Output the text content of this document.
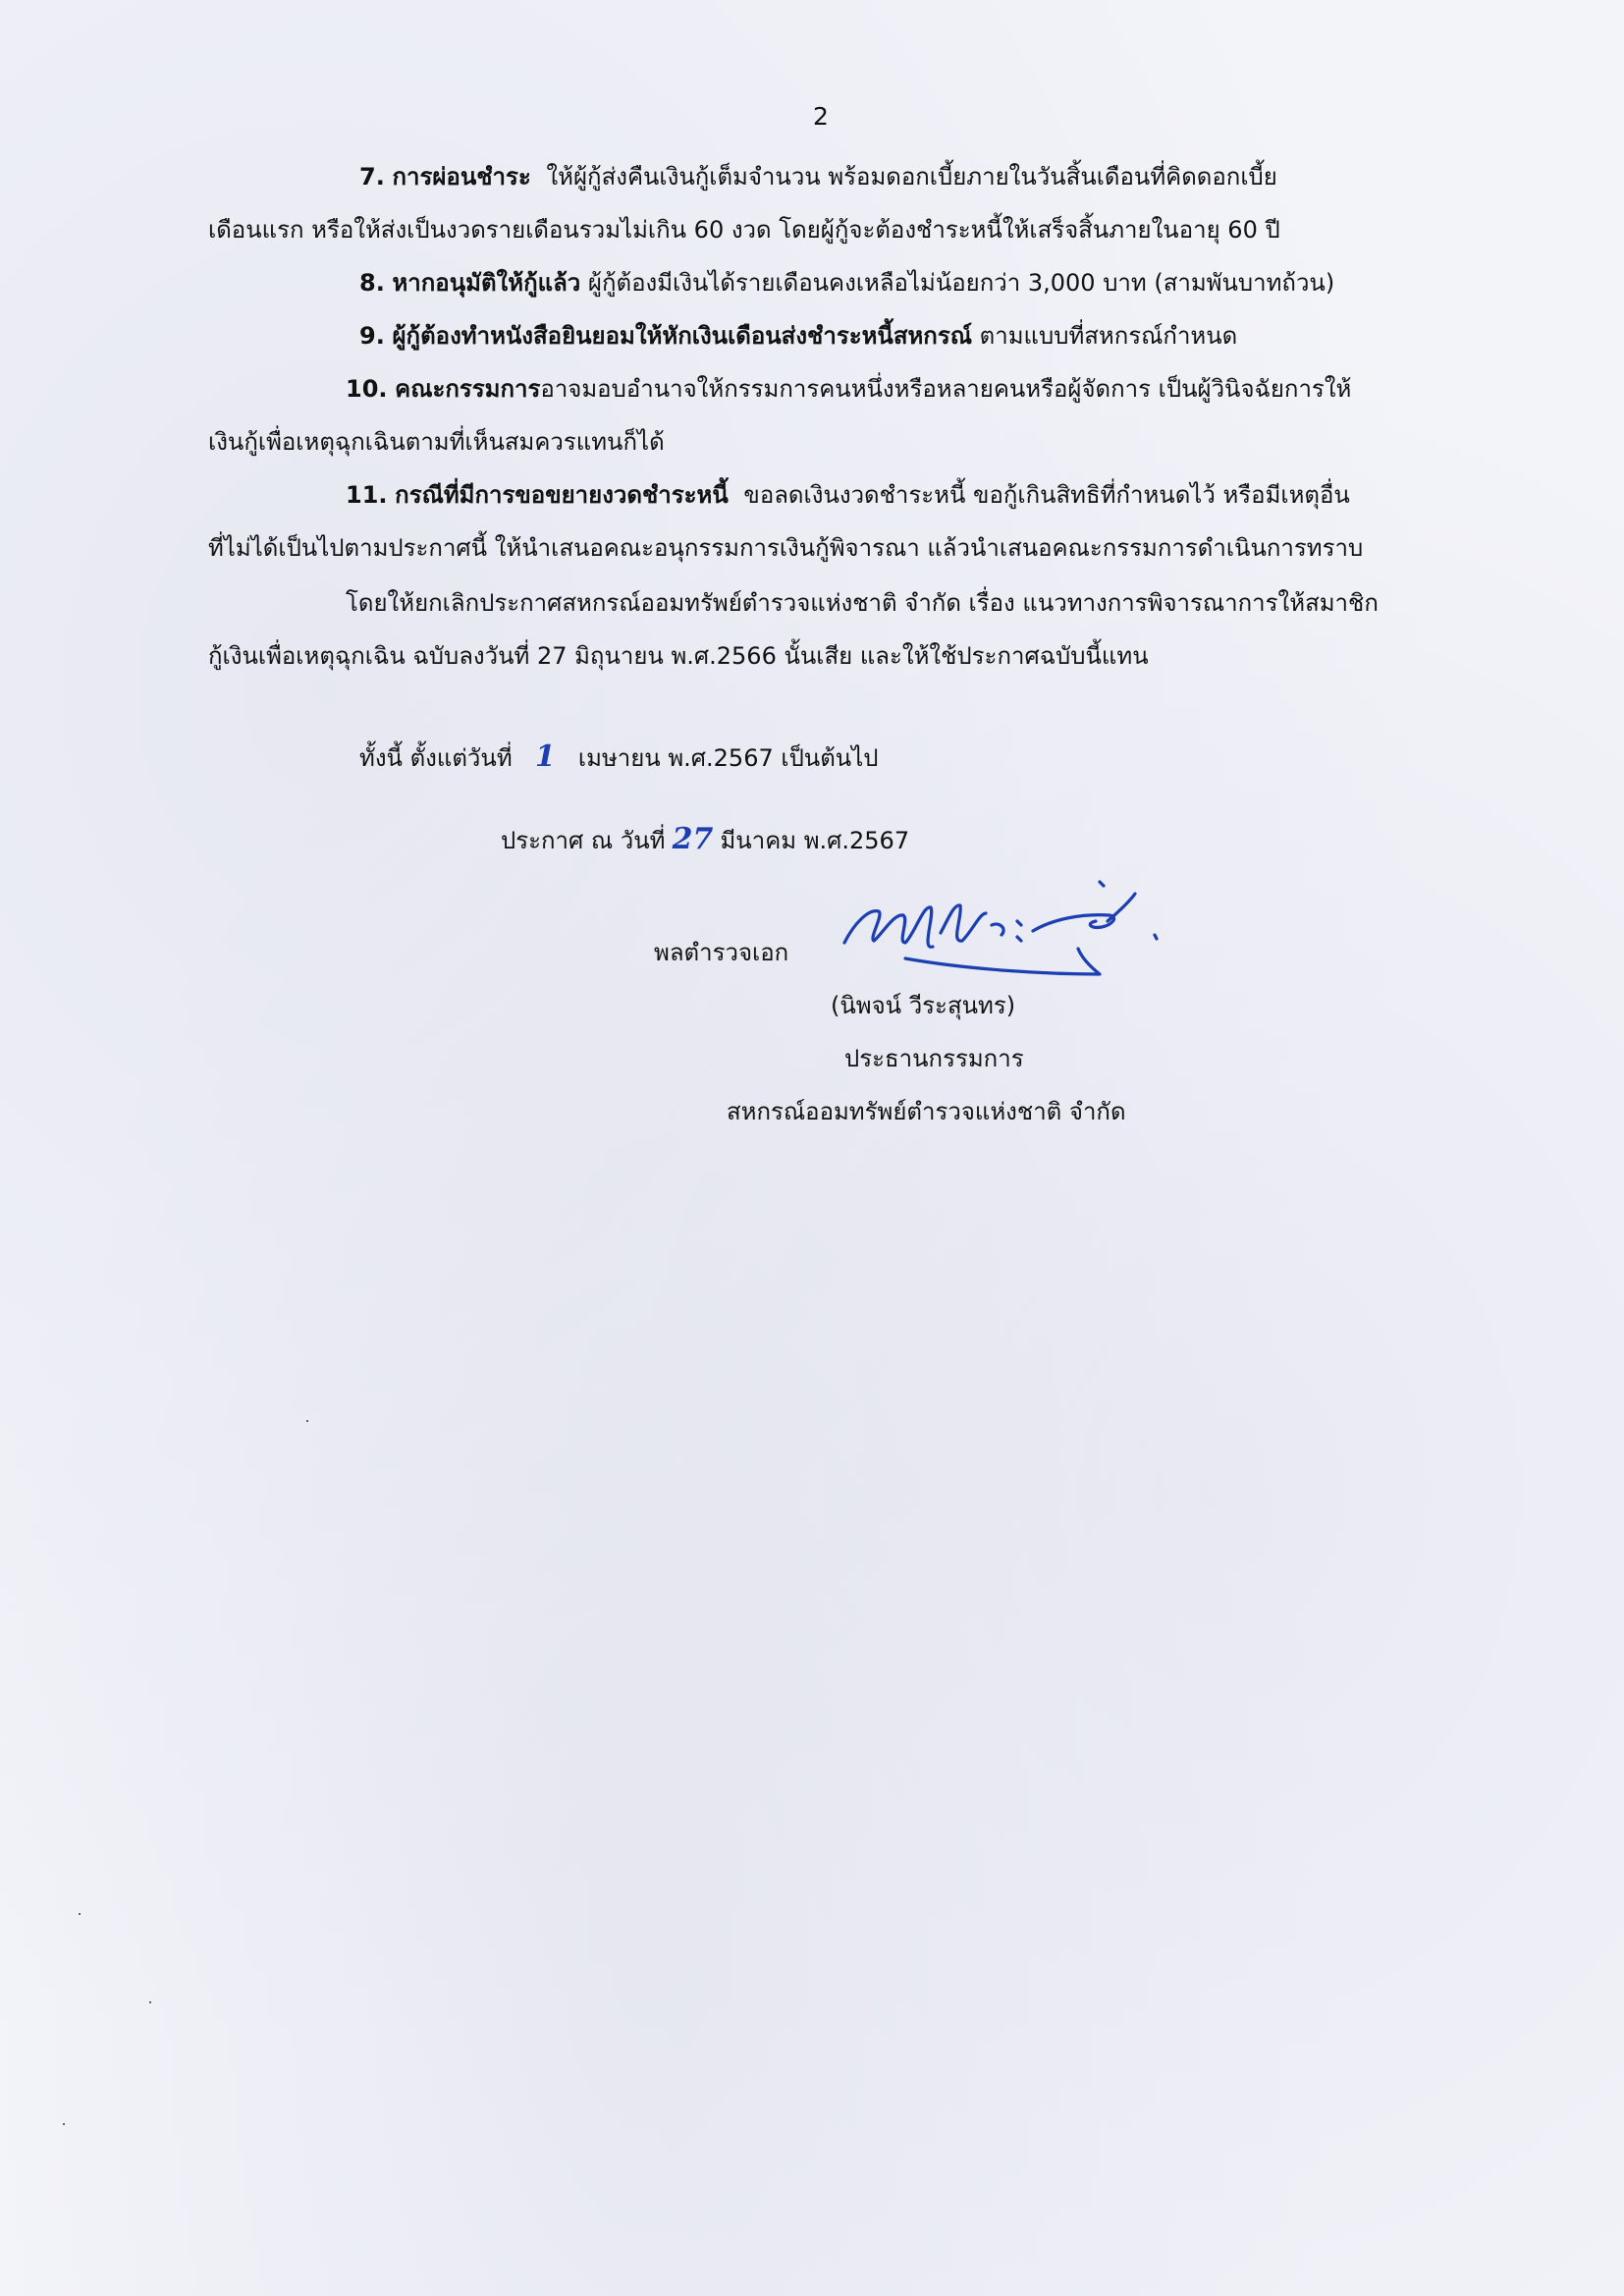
2
7. การผ่อนชำระ ให้ผู้กู้ส่งคืนเงินกู้เต็มจำนวน พร้อมดอกเบี้ยภายในวันสิ้นเดือนที่คิดดอกเบี้ย
เดือนแรก หรือให้ส่งเป็นงวดรายเดือนรวมไม่เกิน 60 งวด โดยผู้กู้จะต้องชำระหนี้ให้เสร็จสิ้นภายในอายุ 60 ปี
8. หากอนุมัติให้กู้แล้ว ผู้กู้ต้องมีเงินได้รายเดือนคงเหลือไม่น้อยกว่า 3,000 บาท (สามพันบาทถ้วน)
9. ผู้กู้ต้องทำหนังสือยินยอมให้หักเงินเดือนส่งชำระหนี้สหกรณ์ ตามแบบที่สหกรณ์กำหนด
10. คณะกรรมการอาจมอบอำนาจให้กรรมการคนหนึ่งหรือหลายคนหรือผู้จัดการ เป็นผู้วินิจฉัยการให้
เงินกู้เพื่อเหตุฉุกเฉินตามที่เห็นสมควรแทนก็ได้
11. กรณีที่มีการขอขยายงวดชำระหนี้ ขอลดเงินงวดชำระหนี้ ขอกู้เกินสิทธิที่กำหนดไว้ หรือมีเหตุอื่น
ที่ไม่ได้เป็นไปตามประกาศนี้ ให้นำเสนอคณะอนุกรรมการเงินกู้พิจารณา แล้วนำเสนอคณะกรรมการดำเนินการทราบ
โดยให้ยกเลิกประกาศสหกรณ์ออมทรัพย์ตำรวจแห่งชาติ จำกัด เรื่อง แนวทางการพิจารณาการให้สมาชิก
กู้เงินเพื่อเหตุฉุกเฉิน ฉบับลงวันที่ 27 มิถุนายน พ.ศ.2566 นั้นเสีย และให้ใช้ประกาศฉบับนี้แทน
ทั้งนี้ ตั้งแต่วันที่ 1 เมษายน พ.ศ.2567 เป็นต้นไป
ประกาศ ณ วันที่ 27 มีนาคม พ.ศ.2567
พลตำรวจเอก
(นิพจน์ วีระสุนทร)
ประธานกรรมการ
สหกรณ์ออมทรัพย์ตำรวจแห่งชาติ จำกัด
